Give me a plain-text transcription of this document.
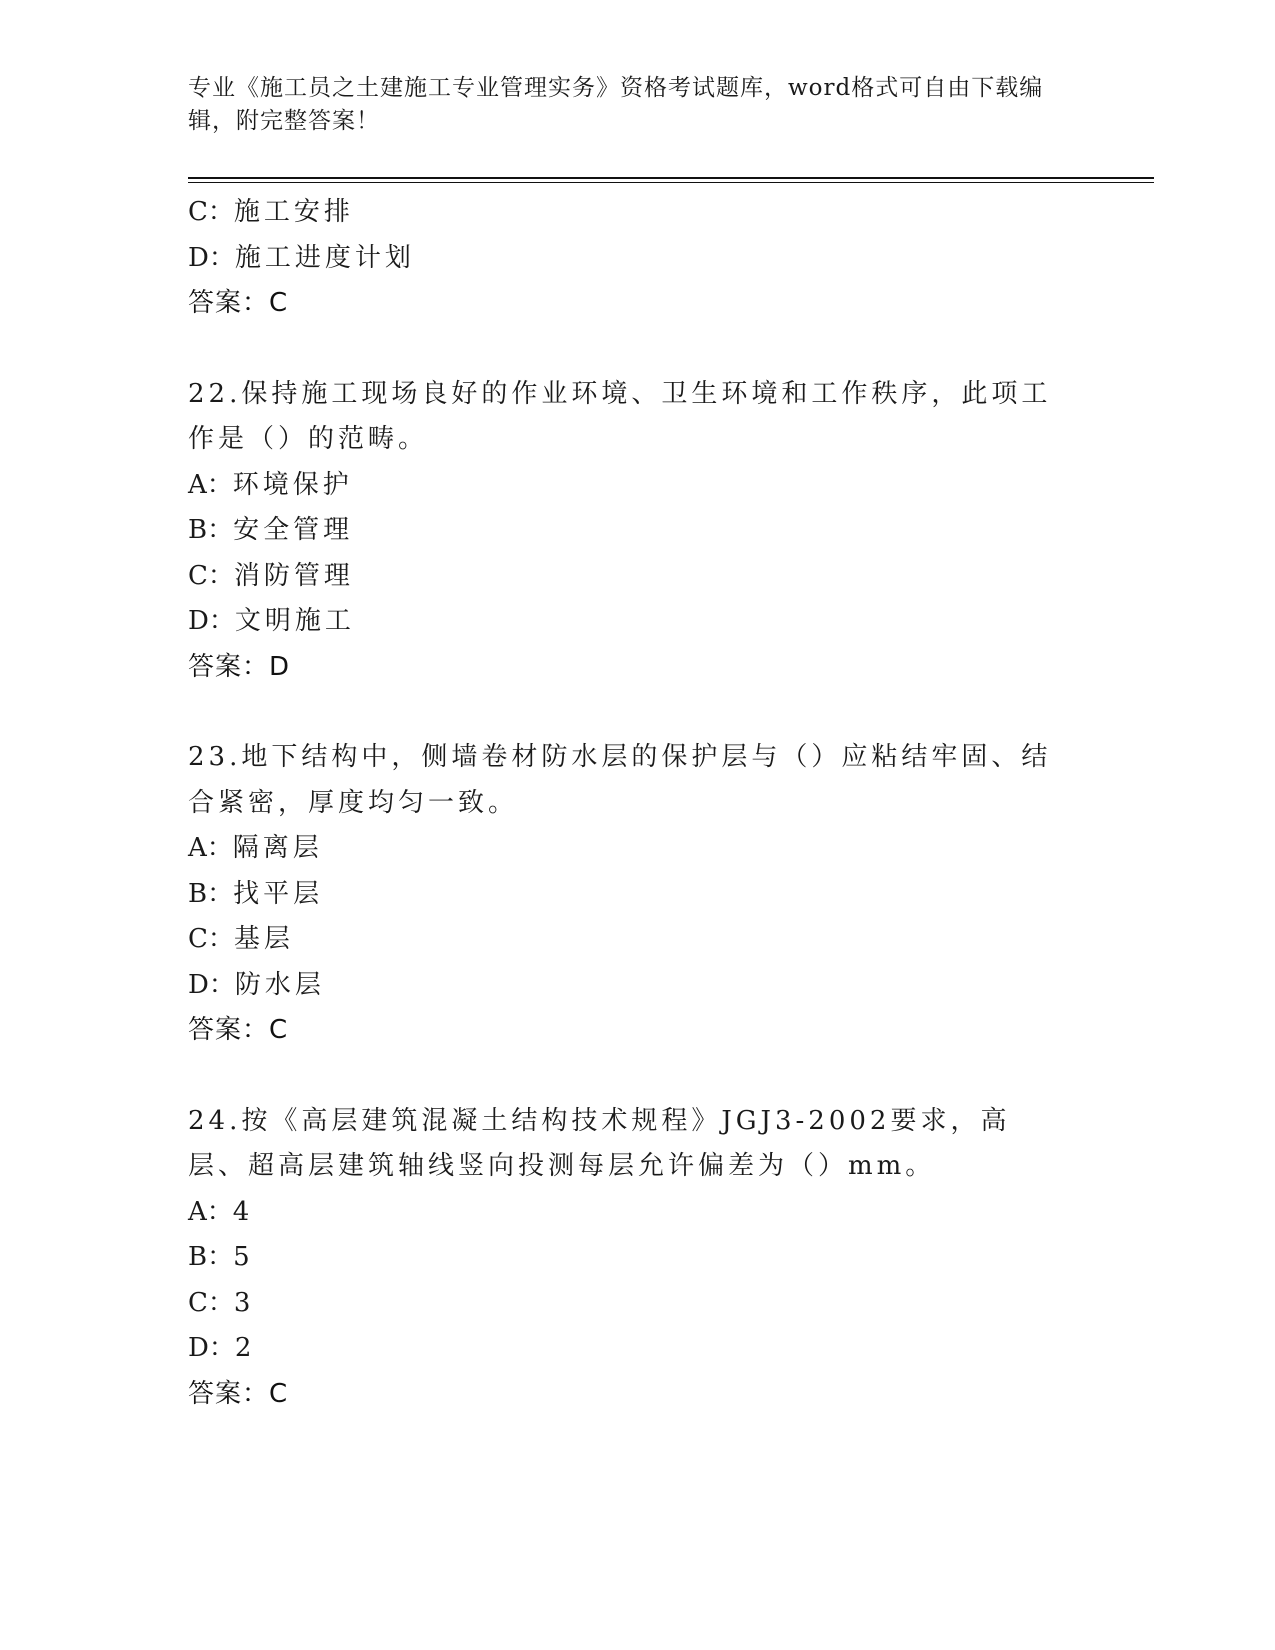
专业《施工员之土建施工专业管理实务》资格考试题库，word格式可自由下载编辑，附完整答案！
C：施工安排
D：施工进度计划
答案：C
22.保持施工现场良好的作业环境、卫生环境和工作秩序，此项工作是（）的范畴。
A：环境保护
B：安全管理
C：消防管理
D：文明施工
答案：D
23.地下结构中，侧墙卷材防水层的保护层与（）应粘结牢固、结合紧密，厚度均匀一致。
A：隔离层
B：找平层
C：基层
D：防水层
答案：C
24.按《高层建筑混凝土结构技术规程》JGJ3-2002要求，高层、超高层建筑轴线竖向投测每层允许偏差为（）mm。
A：4
B：5
C：3
D：2
答案：C
